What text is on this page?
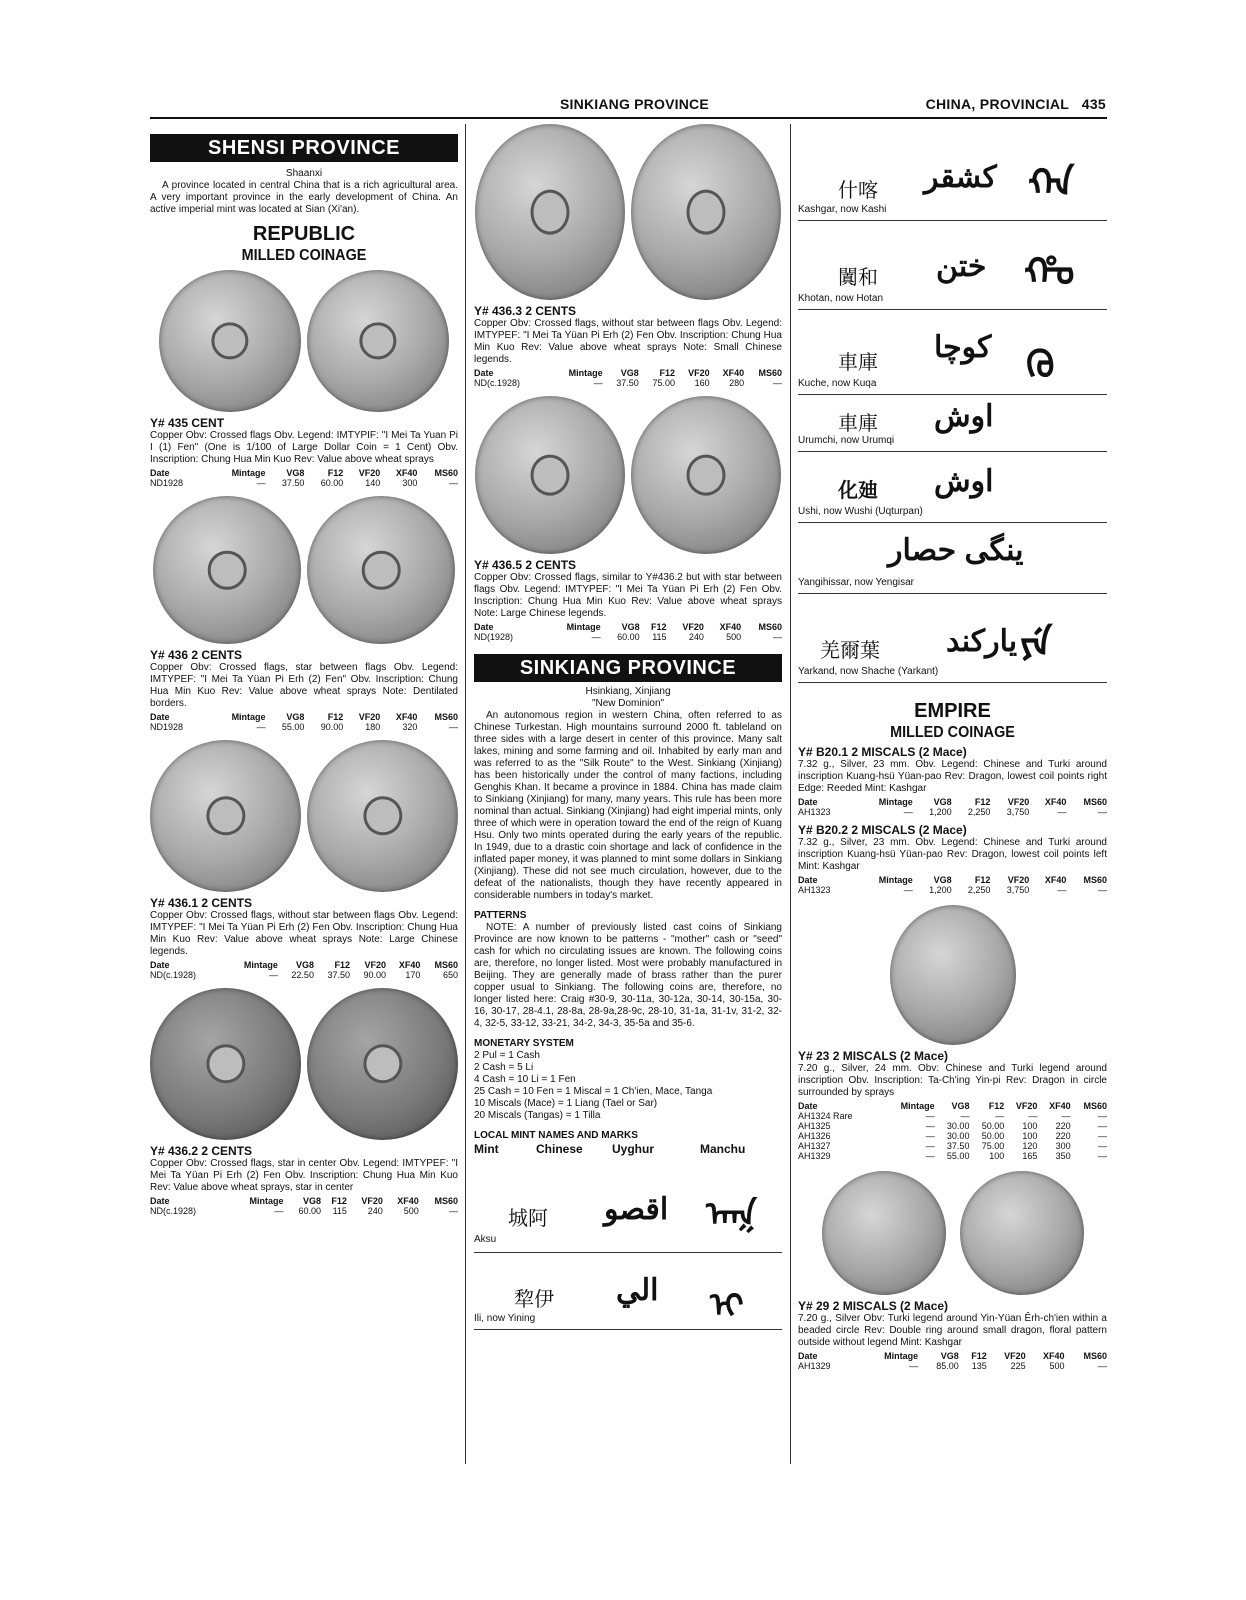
SINKIANG PROVINCE	CHINA, PROVINCIAL 435
SHENSI PROVINCE
Shaanxi
A province located in central China that is a rich agricultural area. A very important province in the early development of China. An active imperial mint was located at Sian (Xi'an).
REPUBLIC
MILLED COINAGE
Y# 435 CENT
Copper Obv: Crossed flags Obv. Legend: IMTYPIF: "I Mei Ta Yuan Pi I (1) Fen" (One is 1/100 of Large Dollar Coin = 1 Cent) Obv. Inscription: Chung Hua Min Kuo Rev: Value above wheat sprays
Date	Mintage	VG8	F12	VF20	XF40	MS60
ND1928	—	37.50	60.00	140	300	—
Y# 436 2 CENTS
Copper Obv: Crossed flags, star between flags Obv. Legend: IMTYPEF: "I Mei Ta Yüan Pi Erh (2) Fen" Obv. Inscription: Chung Hua Min Kuo Rev: Value above wheat sprays Note: Dentilated borders.
Date	Mintage	VG8	F12	VF20	XF40	MS60
ND1928	—	55.00	90.00	180	320	—
Y# 436.1 2 CENTS
Copper Obv: Crossed flags, without star between flags Obv. Legend: IMTYPEF: "I Mei Ta Yüan Pi Erh (2) Fen Obv. Inscription: Chung Hua Min Kuo Rev: Value above wheat sprays Note: Large Chinese legends.
Date	Mintage	VG8	F12	VF20	XF40	MS60
ND(c.1928)	—	22.50	37.50	90.00	170	650
Y# 436.2 2 CENTS
Copper Obv: Crossed flags, star in center Obv. Legend: IMTYPEF: "I Mei Ta Yüan Pi Erh (2) Fen Obv. Inscription: Chung Hua Min Kuo Rev: Value above wheat sprays, star in center
Date	Mintage	VG8	F12	VF20	XF40	MS60
ND(c.1928)	—	60.00	115	240	500	—
Y# 436.3 2 CENTS
Copper Obv: Crossed flags, without star between flags Obv. Legend: IMTYPEF: "I Mei Ta Yüan Pi Erh (2) Fen Obv. Inscription: Chung Hua Min Kuo Rev: Value above wheat sprays Note: Small Chinese legends.
Date	Mintage	VG8	F12	VF20	XF40	MS60
ND(c.1928)	—	37.50	75.00	160	280	—
Y# 436.5 2 CENTS
Copper Obv: Crossed flags, similar to Y#436.2 but with star between flags Obv. Legend: IMTYPEF: "I Mei Ta Yüan Pi Erh (2) Fen Obv. Inscription: Chung Hua Min Kuo Rev: Value above wheat sprays Note: Large Chinese legends.
Date	Mintage	VG8	F12	VF20	XF40	MS60
ND(1928)	—	60.00	115	240	500	—
SINKIANG PROVINCE
Hsinkiang, Xinjiang
"New Dominion"
An autonomous region in western China, often referred to as Chinese Turkestan. High mountains surround 2000 ft. tableland on three sides with a large desert in center of this province. Many salt lakes, mining and some farming and oil. Inhabited by early man and was referred to as the "Silk Route" to the West. Sinkiang (Xinjiang) has been historically under the control of many factions, including Genghis Khan. It became a province in 1884. China has made claim to Sinkiang (Xinjiang) for many, many years. This rule has been more nominal than actual. Sinkiang (Xinjiang) had eight imperial mints, only three of which were in operation toward the end of the reign of Kuang Hsu. Only two mints operated during the early years of the republic. In 1949, due to a drastic coin shortage and lack of confidence in the inflated paper money, it was planned to mint some dollars in Sinkiang (Xinjiang). These did not see much circulation, however, due to the defeat of the nationalists, though they have recently appeared in considerable numbers in today's market.
PATTERNS
NOTE: A number of previously listed cast coins of Sinkiang Province are now known to be patterns - "mother" cash or "seed" cash for which no circulating issues are known. The following coins are, therefore, no longer listed. Most were probably manufactured in Beijing. They are generally made of brass rather than the purer copper usual to Sinkiang. The following coins are, therefore, no longer listed here: Craig #30-9, 30-11a, 30-12a, 30-14, 30-15a, 30-16, 30-17, 28-4.1, 28-8a, 28-9a,28-9c, 28-10, 31-1a, 31-1v, 31-2, 32-4, 32-5, 33-12, 33-21, 34-2, 34-3, 35-5a and 35-6.
MONETARY SYSTEM
2 Pul = 1 Cash
2 Cash = 5 Li
4 Cash = 10 Li = 1 Fen
25 Cash = 10 Fen = 1 Miscal = 1 Ch'ien, Mace, Tanga
10 Miscals (Mace) = 1 Liang (Tael or Sar)
20 Miscals (Tangas) = 1 Tilla
LOCAL MINT NAMES AND MARKS
Mint	Chinese	Uyghur	Manchu
城阿 اقصو ᠠᡴ
Aksu
犂伊 الي ᡳ
Ili, now Yining
什喀 كشقر ᡴᠠ
Kashgar, now Kashi
闐和 ختن ᡥᠣ
Khotan, now Hotan
車庫 كوچا ᡴᡠ
Kuche, now Kuqa
車庫 اوش
Urumchi, now Urumqi
化廸 اوش
Ushi, now Wushi (Uqturpan)
ينگى حصار
Yangihissar, now Yengisar
羌爾葉 ياركند ᠶᡝ
Yarkand, now Shache (Yarkant)
EMPIRE
MILLED COINAGE
Y# B20.1 2 MISCALS (2 Mace)
7.32 g., Silver, 23 mm. Obv. Legend: Chinese and Turki around inscription Kuang-hsü Yüan-pao Rev: Dragon, lowest coil points right Edge: Reeded Mint: Kashgar
Date	Mintage	VG8	F12	VF20	XF40	MS60
AH1323	—	1,200	2,250	3,750	—	—
Y# B20.2 2 MISCALS (2 Mace)
7.32 g., Silver, 23 mm. Obv. Legend: Chinese and Turki around inscription Kuang-hsü Yüan-pao Rev: Dragon, lowest coil points left Mint: Kashgar
Date	Mintage	VG8	F12	VF20	XF40	MS60
AH1323	—	1,200	2,250	3,750	—	—
Y# 23 2 MISCALS (2 Mace)
7.20 g., Silver, 24 mm. Obv: Chinese and Turki legend around inscription Obv. Inscription: Ta-Ch'ing Yin-pi Rev: Dragon in circle surrounded by sprays
Date	Mintage	VG8	F12	VF20	XF40	MS60
AH1324 Rare	—	—	—	—	—	—
AH1325	—	30.00	50.00	100	220	—
AH1326	—	30.00	50.00	100	220	—
AH1327	—	37.50	75.00	120	300	—
AH1329	—	55.00	100	165	350	—
Y# 29 2 MISCALS (2 Mace)
7.20 g., Silver Obv: Turki legend around Yin-Yüan Êrh-ch'ien within a beaded circle Rev: Double ring around small dragon, floral pattern outside without legend Mint: Kashgar
Date	Mintage	VG8	F12	VF20	XF40	MS60
AH1329	—	85.00	135	225	500	—
